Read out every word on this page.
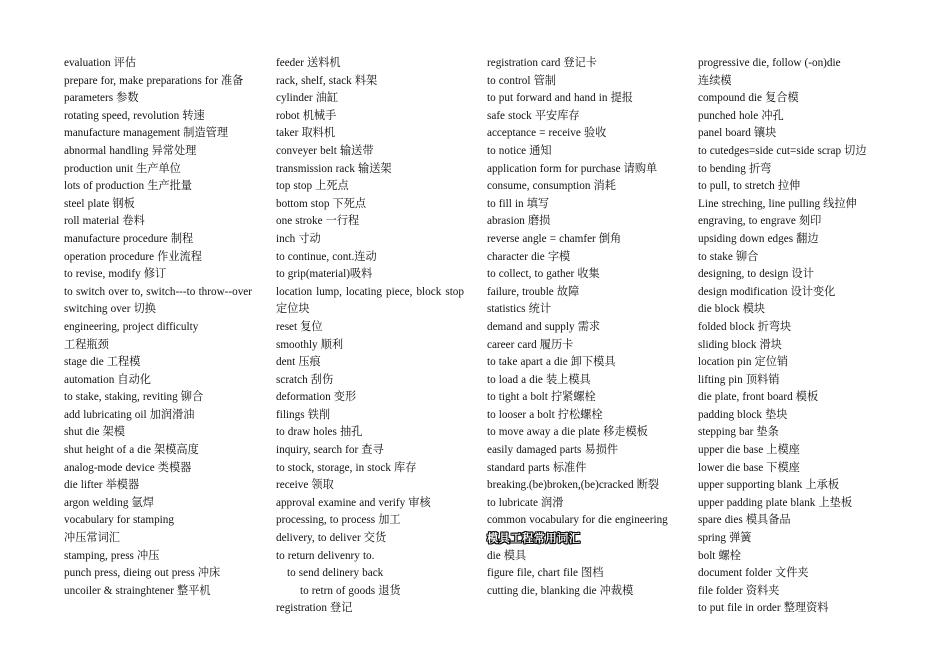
evaluation 评估
prepare for, make preparations for 准备
parameters 参数
rotating speed, revolution 转速
manufacture management 制造管理
abnormal handling 异常处理
production unit 生产单位
lots of production 生产批量
steel plate 钢板
roll material 卷料
manufacture procedure 制程
operation procedure 作业流程
to revise, modify 修订
to switch over to, switch---to throw--over switching over 切换
engineering, project difficulty
工程瓶颈
stage die 工程模
automation 自动化
to stake, staking, reviting 铆合
add lubricating oil 加润滑油
shut die 架模
shut height of a die 架模高度
analog-mode device 类模器
die lifter 举模器
argon welding 氩焊
vocabulary for stamping
冲压常词汇
stamping, press 冲压
punch press, dieing out press 冲床
uncoiler & strainghtener 整平机
feeder 送料机
rack, shelf, stack 料架
cylinder 油缸
robot 机械手
taker 取料机
conveyer belt 输送带
transmission rack 输送架
top stop 上死点
bottom stop 下死点
one stroke 一行程
inch 寸动
to continue, cont.连动
to grip(material)吸料
location lump, locating piece, block stop 定位块
reset 复位
smoothly 顺利
dent 压痕
scratch 刮伤
deformation 变形
filings 铁削
to draw holes 抽孔
inquiry, search for 查寻
to stock, storage, in stock 库存
receive 领取
approval examine and verify 审核
processing, to process 加工
delivery, to deliver 交货
to return delivenry to.
to send delinery back
to retrn of goods 退货
registration 登记
registration card 登记卡
to control 管制
to put forward and hand in 提报
safe stock 平安库存
acceptance = receive 验收
to notice 通知
application form for purchase 请购单
consume, consumption 消耗
to fill in 填写
abrasion 磨损
reverse angle = chamfer 倒角
character die 字模
to collect, to gather 收集
failure, trouble 故障
statistics 统计
demand and supply 需求
career card 履历卡
to take apart a die 卸下模具
to load a die 装上模具
to tight a bolt 拧紧螺栓
to looser a bolt 拧松螺栓
to move away a die plate 移走模板
easily damaged parts 易损件
standard parts 标准件
breaking.(be)broken,(be)cracked 断裂
to lubricate 润滑
common vocabulary for die engineering
模具工程常用词汇
die 模具
figure file, chart file 图档
cutting die, blanking die 冲裁模
progressive die, follow (-on)die
连续模
compound die 复合模
punched hole 冲孔
panel board 镶块
to cutedges=side cut=side scrap 切边
to bending 折弯
to pull, to stretch 拉伸
Line streching, line pulling 线拉伸
engraving, to engrave 刻印
upsiding down edges 翻边
to stake 铆合
designing, to design 设计
design modification 设计变化
die block 模块
folded block 折弯块
sliding block 滑块
location pin 定位销
lifting pin 顶料销
die plate, front board 模板
padding block 垫块
stepping bar 垫条
upper die base 上模座
lower die base 下模座
upper supporting blank 上承板
upper padding plate blank 上垫板
spare dies 模具备品
spring 弹簧
bolt 螺栓
document folder 文件夹
file folder 资料夹
to put file in order 整理资料
